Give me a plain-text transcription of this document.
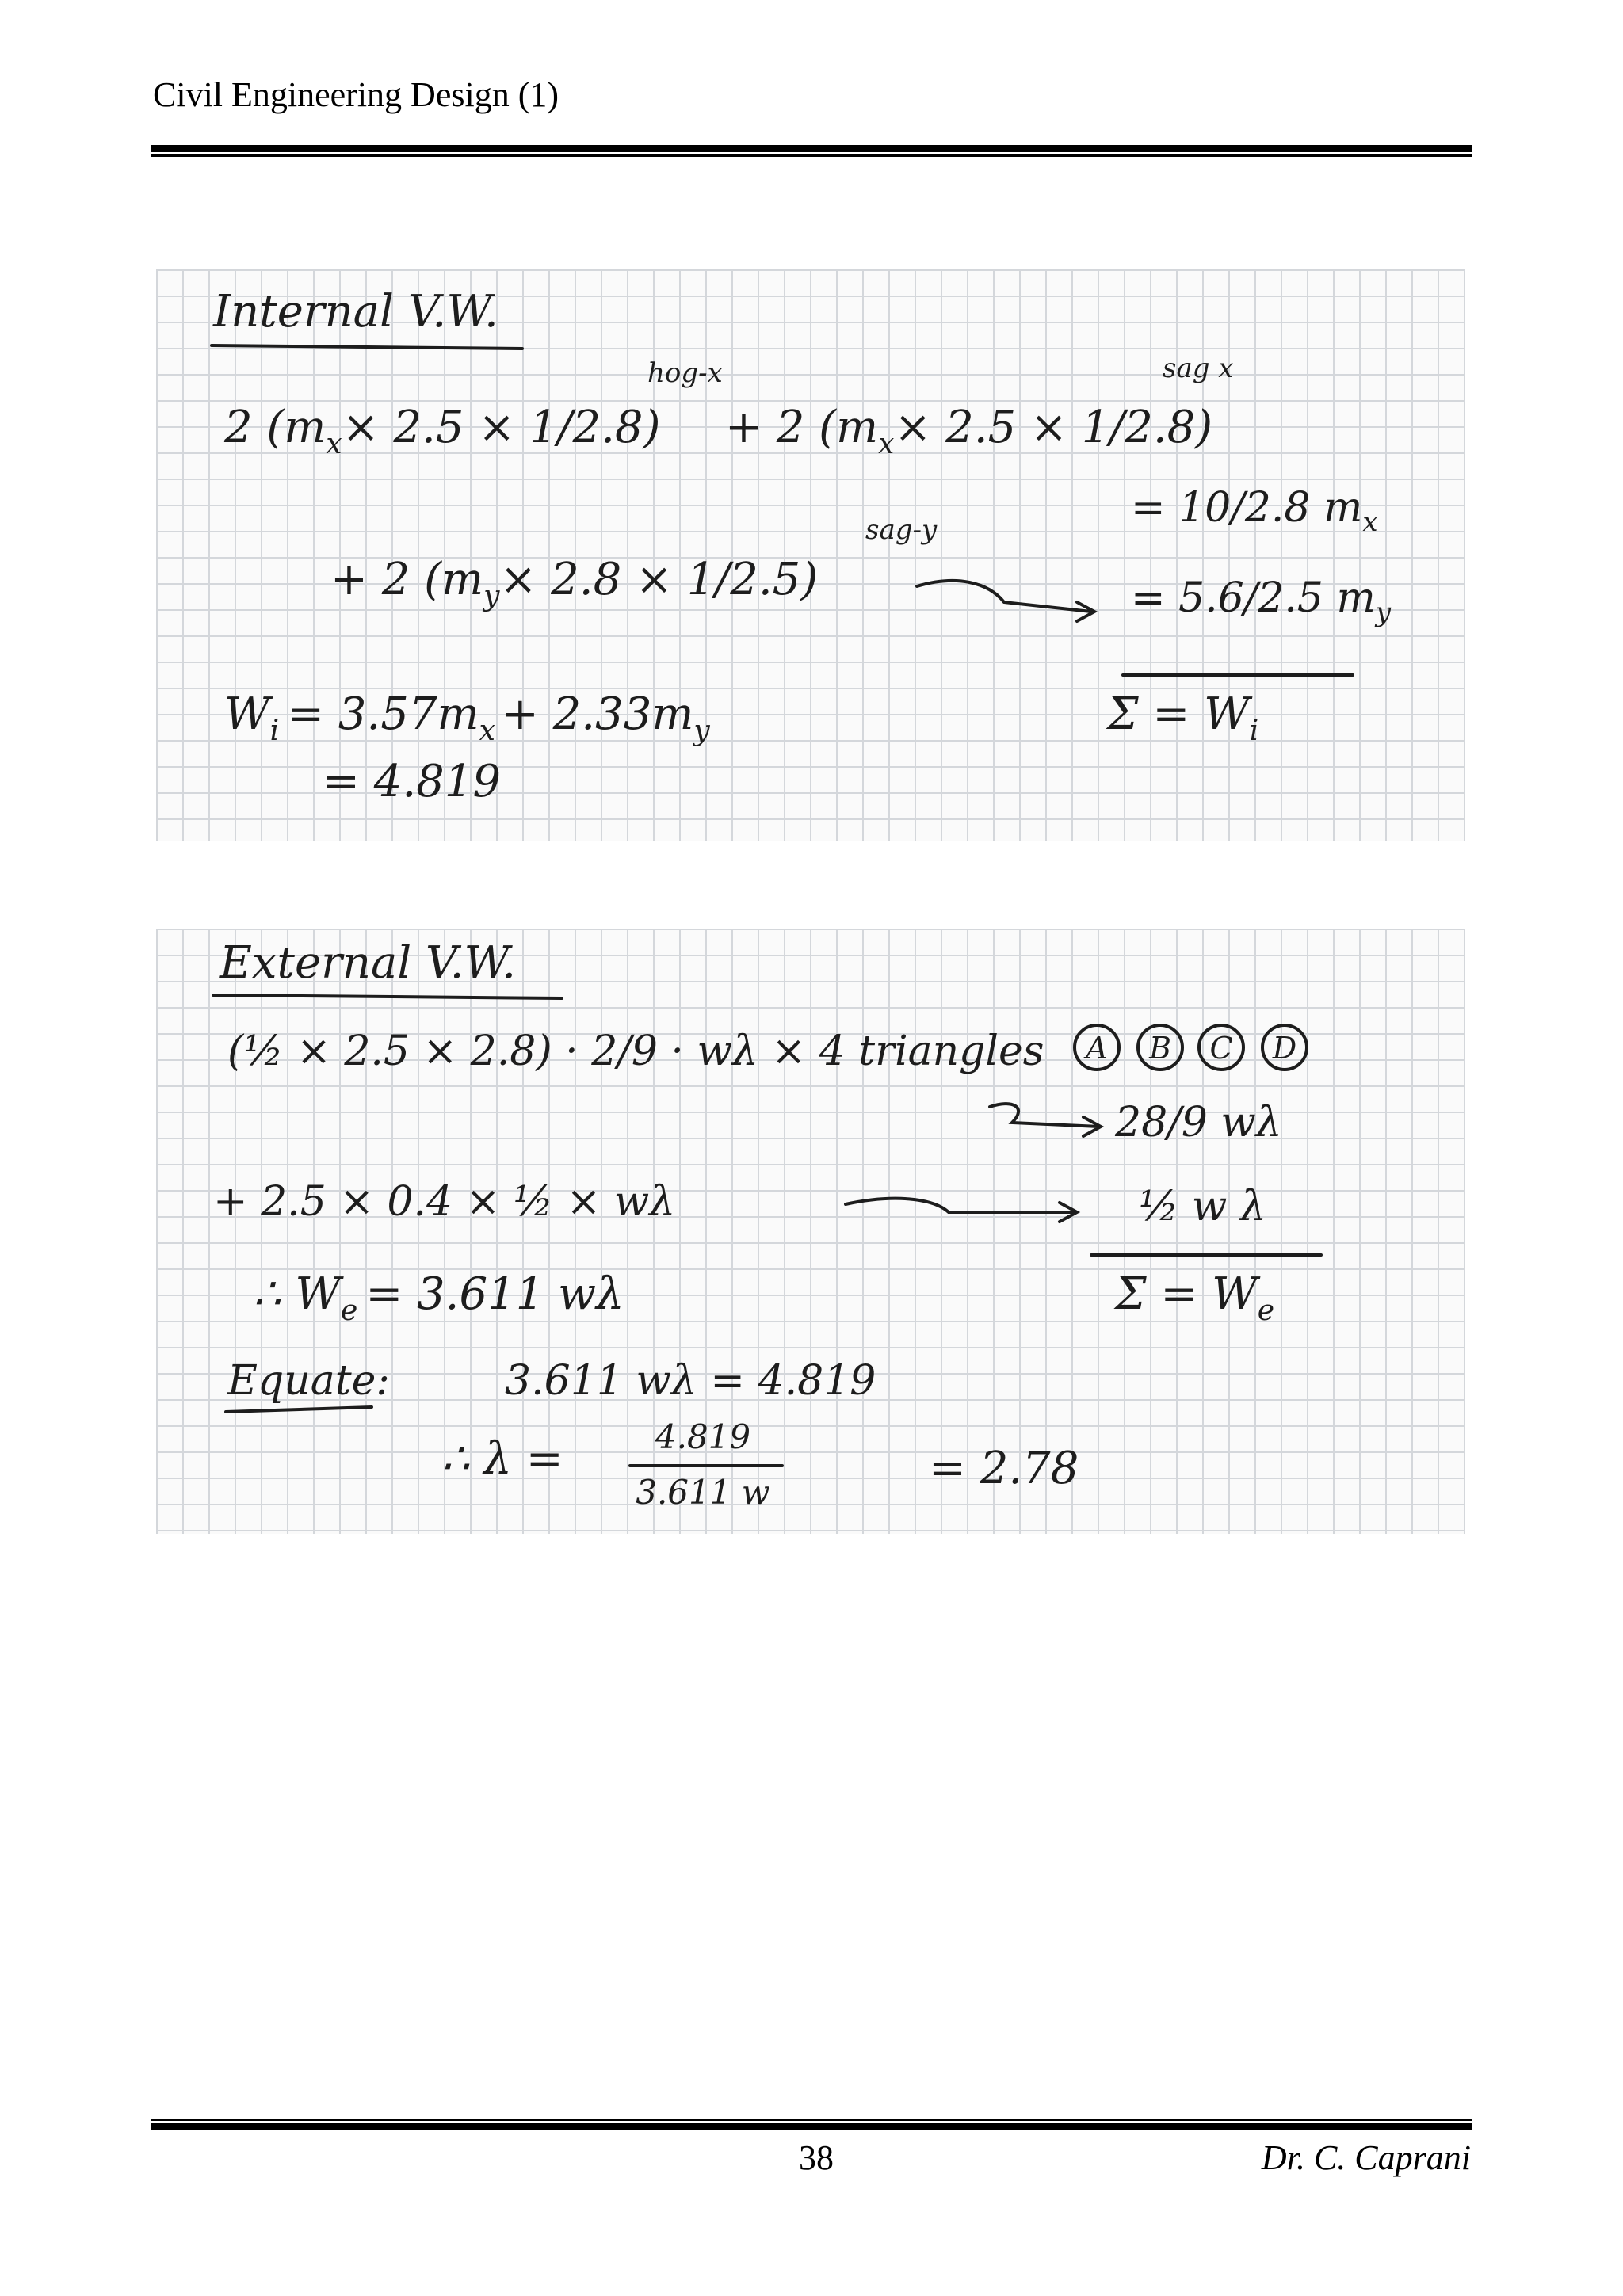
Civil Engineering Design (1)
Internal V.W.
2 $(m_x\times 2.5 \times 1/2.8)$
hog-x
+ 2 $(m_x\times 2.5 \times 1/2.8)$
sag x
= 10/2.8 $m_x$
+ 2 $(m_y\times 2.8 \times 1/2.5)$
sag-y
= 5.6/2.5 $m_y$
$\Sigma = W_i$
$W_i = 3.57m_x + 2.33m_y$
= 4.819
External V.W.
(½ × 2.5 × 2.8) · 2/9 · wλ × 4 triangles A B C D
28/9 wλ
+ 2.5 × 0.4 × ½ × wλ	½ w λ
$\Sigma = W_e$
∴ $W_e = 3.611$ wλ
Equate:	3.611 wλ = 4.819
∴ λ =	4.819
3.611 w	= 2.78
38	Dr. C. Caprani
